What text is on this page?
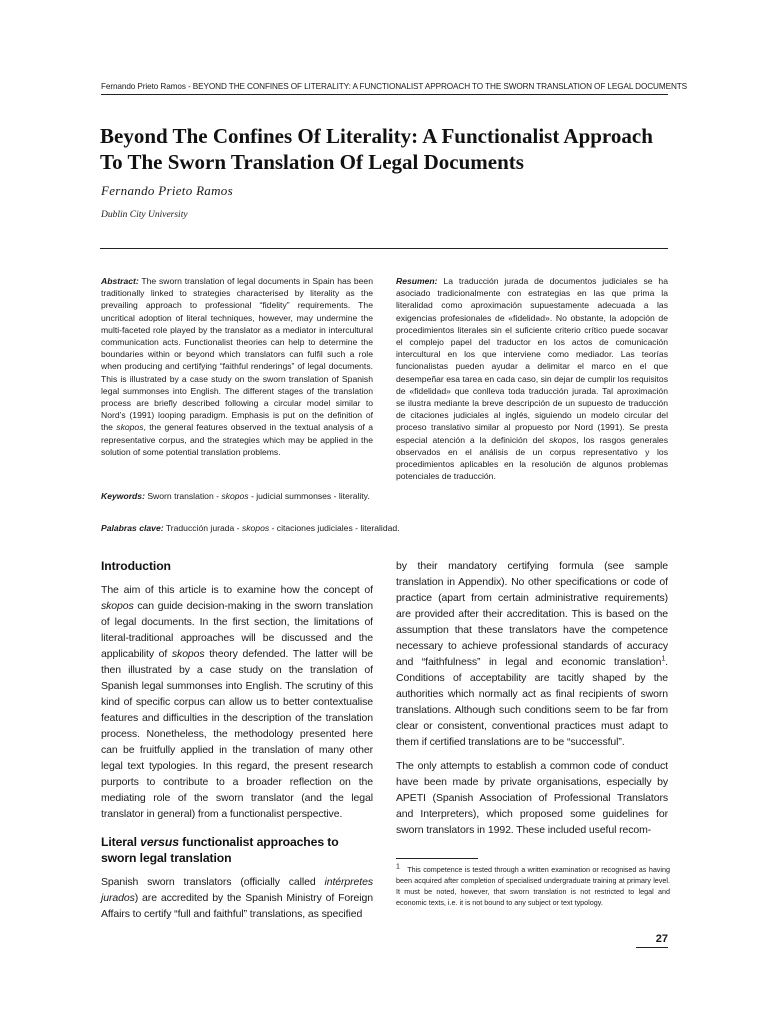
Fernando Prieto Ramos - BEYOND THE CONFINES OF LITERALITY: A FUNCTIONALIST APPROACH TO THE SWORN TRANSLATION OF LEGAL DOCUMENTS
Beyond The Confines Of Literality: A Functionalist Approach To The Sworn Translation Of Legal Documents
Fernando Prieto Ramos
Dublin City University

Abstract: The sworn translation of legal documents in Spain has been traditionally linked to strategies characterised by literality as the prevailing approach to professional “fidelity” requirements. The uncritical adoption of literal techniques, however, may undermine the multi-faceted role played by the translator as a mediator in intercultural communication acts. Functionalist theories can help to determine the boundaries within or beyond which translators can fulfil such a role when producing and certifying “faithful renderings” of legal documents. This is illustrated by a case study on the sworn translation of Spanish legal summonses into English. The different stages of the translation process are briefly described following a circular model similar to Nord’s (1991) looping paradigm. Emphasis is put on the definition of the skopos, the general features observed in the textual analysis of a representative corpus, and the strategies which may be applied in the solution of some potential translation problems.

Resumen: La traducción jurada de documentos judiciales se ha asociado tradicionalmente con estrategias en las que prima la literalidad como aproximación supuestamente adecuada a las exigencias profesionales de «fidelidad». No obstante, la adopción de procedimientos literales sin el suficiente criterio crítico puede socavar el complejo papel del traductor en los actos de comunicación intercultural en los que interviene como mediador. Las teorías funcionalistas pueden ayudar a delimitar el marco en el que desempeñar esa tarea en cada caso, sin dejar de cumplir los requisitos de «fidelidad» que conlleva toda traducción jurada. Tal aproximación se ilustra mediante la breve descripción de un supuesto de traducción de citaciones judiciales al inglés, siguiendo un modelo circular del proceso translativo similar al propuesto por Nord (1991). Se presta especial atención a la definición del skopos, los rasgos generales observados en el análisis de un corpus representativo y los procedimientos aplicables en la resolución de algunos problemas potenciales de traducción.

Keywords: Sworn translation - skopos - judicial summonses - literality.

Palabras clave: Traducción jurada - skopos - citaciones judiciales - literalidad.

Introduction

The aim of this article is to examine how the concept of skopos can guide decision-making in the sworn translation of legal documents. In the first section, the limitations of literal-traditional approaches will be discussed and the applicability of skopos theory defended. The latter will be then illustrated by a case study on the translation of Spanish legal summonses into English. The scrutiny of this kind of specific corpus can allow us to better contextualise features and difficulties in the description of the translation process. Nonetheless, the methodology presented here can be fruitfully applied in the translation of many other legal text typologies. In this regard, the present research purports to contribute to a broader reflection on the mediating role of the sworn translator (and the legal translator in general) from a functionalist perspective.

Literal versus functionalist approaches to sworn legal translation

Spanish sworn translators (officially called intérpretes jurados) are accredited by the Spanish Ministry of Foreign Affairs to certify “full and faithful” translations, as specified

by their mandatory certifying formula (see sample translation in Appendix). No other specifications or code of practice (apart from certain administrative requirements) are provided after their accreditation. This is based on the assumption that these translators have the competence necessary to achieve professional standards of accuracy and “faithfulness” in legal and economic translation$^1$. Conditions of acceptability are tacitly shaped by the authorities which normally act as final recipients of sworn translations. Although such conditions seem to be far from clear or consistent, conventional practices must adapt to them if certified translations are to be “successful”.

The only attempts to establish a common code of conduct have been made by private organisations, especially by APETI (Spanish Association of Professional Translators and Interpreters), which proposed some guidelines for sworn translators in 1992. These included useful recom-

1 This competence is tested through a written examination or recognised as having been acquired after completion of specialised undergraduate training at primary level. It must be noted, however, that sworn translation is not restricted to legal and economic texts, i.e. it is not bound to any subject or text typology.

27
